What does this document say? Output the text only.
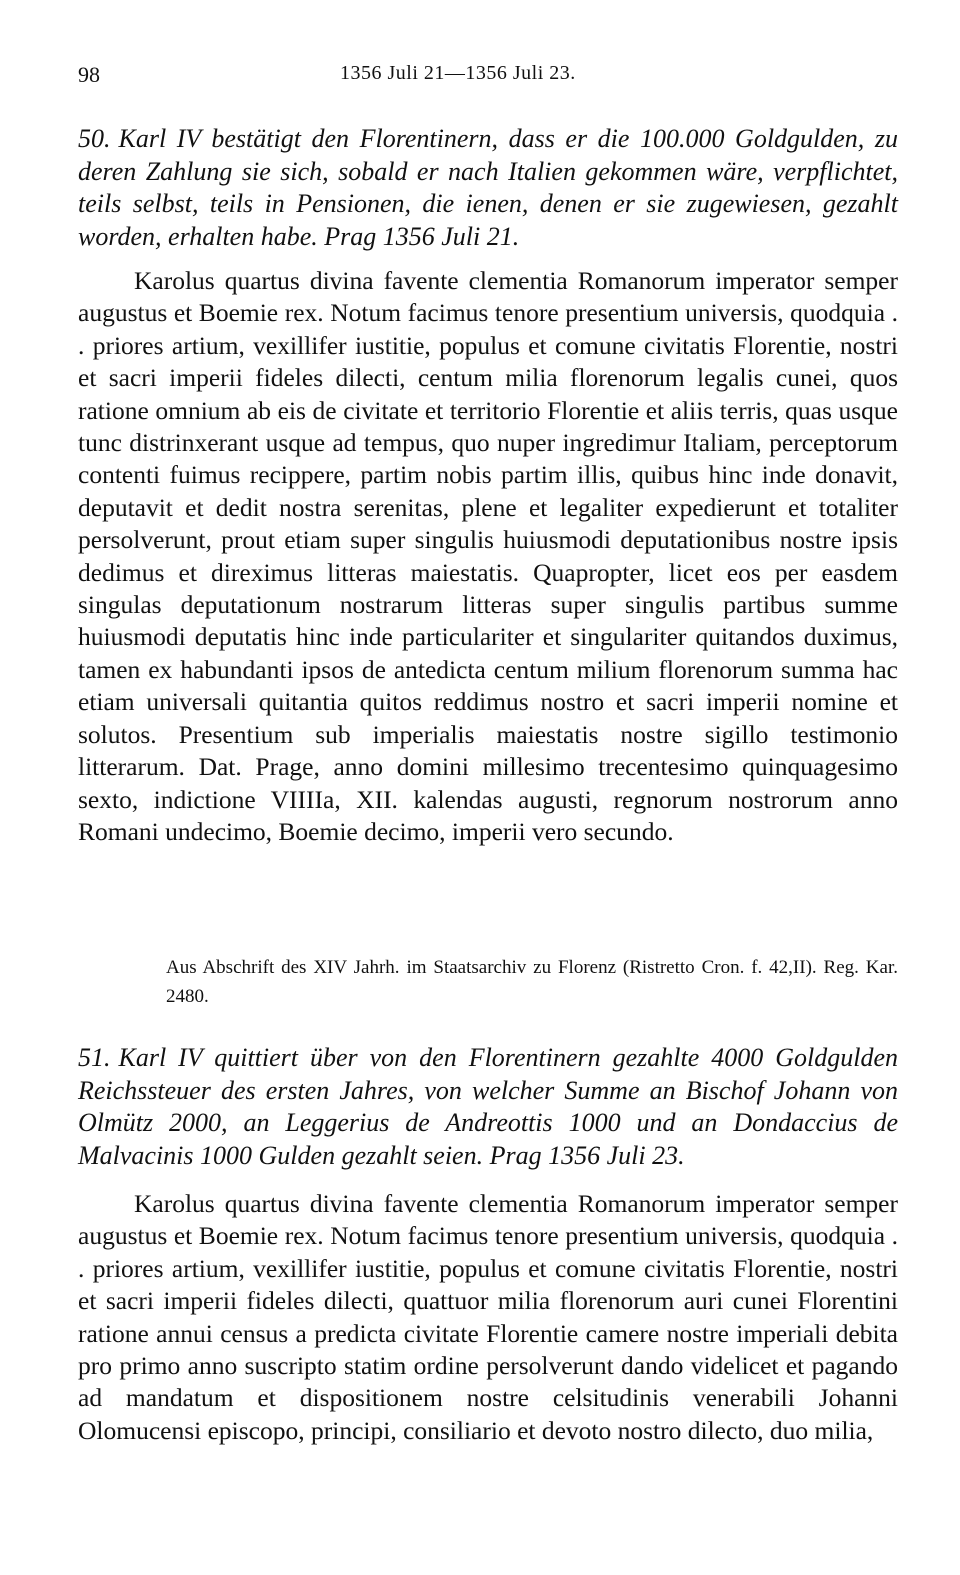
98	1356 Juli 21—1356 Juli 23.
50. Karl IV bestätigt den Florentinern, dass er die 100.000 Goldgulden, zu deren Zahlung sie sich, sobald er nach Italien gekommen wäre, verpflichtet, teils selbst, teils in Pensionen, die ienen, denen er sie zugewiesen, gezahlt worden, erhalten habe. Prag 1356 Juli 21.
Karolus quartus divina favente clementia Romanorum imperator semper augustus et Boemie rex. Notum facimus tenore presentium universis, quodquia . . priores artium, vexillifer iustitie, populus et comune civitatis Florentie, nostri et sacri imperii fideles dilecti, centum milia florenorum legalis cunei, quos ratione omnium ab eis de civitate et territorio Florentie et aliis terris, quas usque tunc distrinxerant usque ad tempus, quo nuper ingredimur Italiam, perceptorum contenti fuimus recippere, partim nobis partim illis, quibus hinc inde donavit, deputavit et dedit nostra serenitas, plene et legaliter expedierunt et totaliter persolverunt, prout etiam super singulis huiusmodi deputationibus nostre ipsis dedimus et direximus litteras maiestatis. Quapropter, licet eos per easdem singulas deputationum nostrarum litteras super singulis partibus summe huiusmodi deputatis hinc inde particulariter et singulariter quitandos duximus, tamen ex habundanti ipsos de antedicta centum milium florenorum summa hac etiam universali quitantia quitos reddimus nostro et sacri imperii nomine et solutos. Presentium sub imperialis maiestatis nostre sigillo testimonio litterarum. Dat. Prage, anno domini millesimo trecentesimo quinquagesimo sexto, indictione VIIIIa, XII. kalendas augusti, regnorum nostrorum anno Romani undecimo, Boemie decimo, imperii vero secundo.
Aus Abschrift des XIV Jahrh. im Staatsarchiv zu Florenz (Ristretto Cron. f. 42,II). Reg. Kar. 2480.
51. Karl IV quittiert über von den Florentinern gezahlte 4000 Goldgulden Reichssteuer des ersten Jahres, von welcher Summe an Bischof Johann von Olmütz 2000, an Leggerius de Andreottis 1000 und an Dondaccius de Malvacinis 1000 Gulden gezahlt seien. Prag 1356 Juli 23.
Karolus quartus divina favente clementia Romanorum imperator semper augustus et Boemie rex. Notum facimus tenore presentium universis, quodquia . . priores artium, vexillifer iustitie, populus et comune civitatis Florentie, nostri et sacri imperii fideles dilecti, quattuor milia florenorum auri cunei Florentini ratione annui census a predicta civitate Florentie camere nostre imperiali debita pro primo anno suscripto statim ordine persolverunt dando videlicet et pagando ad mandatum et dispositionem nostre celsitudinis venerabili Johanni Olomucensi episcopo, principi, consiliario et devoto nostro dilecto, duo milia,
